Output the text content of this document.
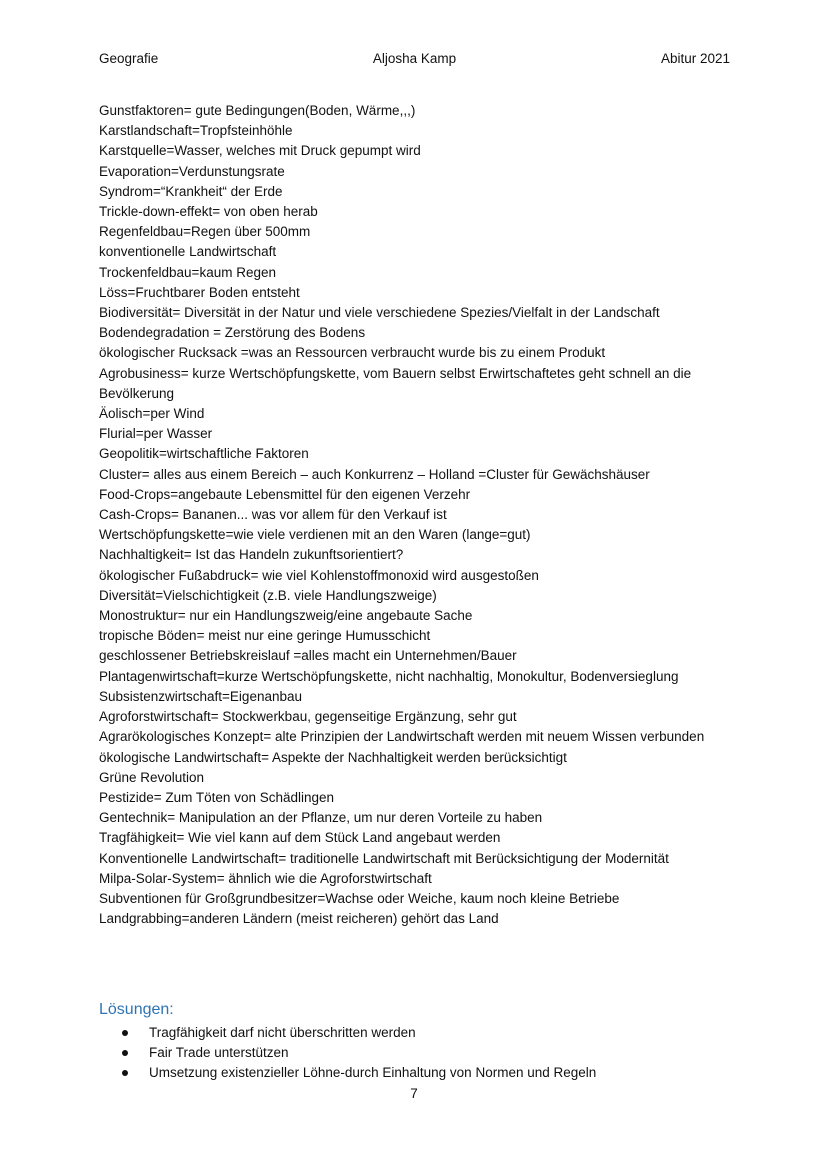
Geografie	Aljosha Kamp	Abitur 2021
Gunstfaktoren= gute Bedingungen(Boden, Wärme,,,)
Karstlandschaft=Tropfsteinhöhle
Karstquelle=Wasser, welches mit Druck gepumpt wird
Evaporation=Verdunstungsrate
Syndrom=“Krankheit“ der Erde
Trickle-down-effekt= von oben herab
Regenfeldbau=Regen über 500mm
konventionelle Landwirtschaft
Trockenfeldbau=kaum Regen
Löss=Fruchtbarer Boden entsteht
Biodiversität= Diversität in der Natur und viele verschiedene Spezies/Vielfalt in der Landschaft
Bodendegradation = Zerstörung des Bodens
ökologischer Rucksack =was an Ressourcen verbraucht wurde bis zu einem Produkt
Agrobusiness= kurze Wertschöpfungskette, vom Bauern selbst Erwirtschaftetes geht schnell an die Bevölkerung
Äolisch=per Wind
Flurial=per Wasser
Geopolitik=wirtschaftliche Faktoren
Cluster= alles aus einem Bereich – auch Konkurrenz – Holland =Cluster für Gewächshäuser
Food-Crops=angebaute Lebensmittel für den eigenen Verzehr
Cash-Crops= Bananen... was vor allem für den Verkauf ist
Wertschöpfungskette=wie viele verdienen mit an den Waren (lange=gut)
Nachhaltigkeit= Ist das Handeln zukunftsorientiert?
ökologischer Fußabdruck= wie viel Kohlenstoffmonoxid wird ausgestoßen
Diversität=Vielschichtigkeit (z.B. viele Handlungszweige)
Monostruktur= nur ein Handlungszweig/eine angebaute Sache
tropische Böden= meist nur eine geringe Humusschicht
geschlossener Betriebskreislauf =alles macht ein Unternehmen/Bauer
Plantagenwirtschaft=kurze Wertschöpfungskette, nicht nachhaltig, Monokultur, Bodenversieglung
Subsistenzwirtschaft=Eigenanbau
Agroforstwirtschaft= Stockwerkbau, gegenseitige Ergänzung, sehr gut
Agrarökologisches Konzept= alte Prinzipien der Landwirtschaft werden mit neuem Wissen verbunden
ökologische Landwirtschaft= Aspekte der Nachhaltigkeit werden berücksichtigt
Grüne Revolution
Pestizide= Zum Töten von Schädlingen
Gentechnik= Manipulation an der Pflanze, um nur deren Vorteile zu haben
Tragfähigkeit= Wie viel kann auf dem Stück Land angebaut werden
Konventionelle Landwirtschaft= traditionelle Landwirtschaft mit Berücksichtigung der Modernität
Milpa-Solar-System= ähnlich wie die Agroforstwirtschaft
Subventionen für Großgrundbesitzer=Wachse oder Weiche, kaum noch kleine Betriebe
Landgrabbing=anderen Ländern (meist reicheren) gehört das Land
Lösungen:
Tragfähigkeit darf nicht überschritten werden
Fair Trade unterstützen
Umsetzung existenzieller Löhne-durch Einhaltung von Normen und Regeln
7
